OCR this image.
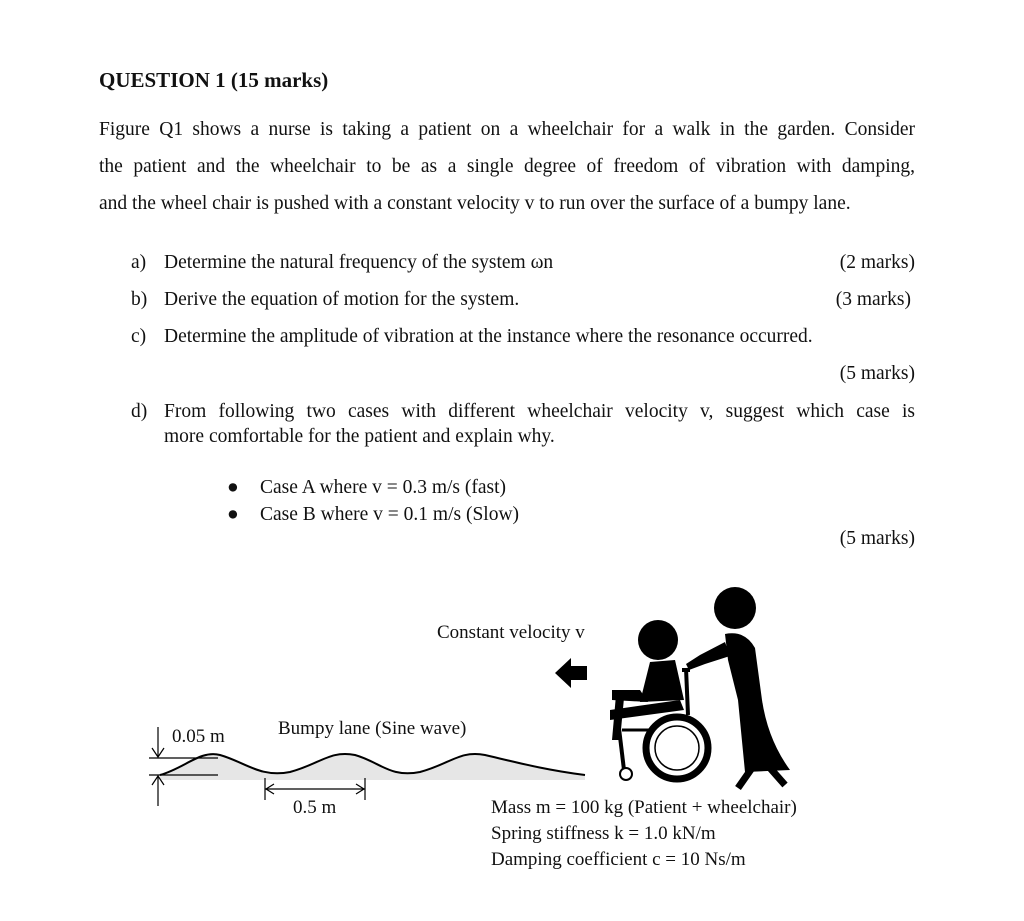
QUESTION 1 (15 marks)
Figure Q1 shows a nurse is taking a patient on a wheelchair for a walk in the garden. Consider
the patient and the wheelchair to be as a single degree of freedom of vibration with damping,
and the wheel chair is pushed with a constant velocity v to run over the surface of a bumpy lane.
a) Determine the natural frequency of the system ωn	(2 marks)
b) Derive the equation of motion for the system.	(3 marks)
c) Determine the amplitude of vibration at the instance where the resonance occurred.
(5 marks)
d) From following two cases with different wheelchair velocity v, suggest which case is
more comfortable for the patient and explain why.
● Case A where v = 0.3 m/s (fast)
● Case B where v = 0.1 m/s (Slow)
(5 marks)
Constant velocity v
0.05 m	Bumpy lane (Sine wave)
0.5 m	Mass m = 100 kg (Patient + wheelchair)
Spring stiffness k = 1.0 kN/m
Damping coefficient c = 10 Ns/m
